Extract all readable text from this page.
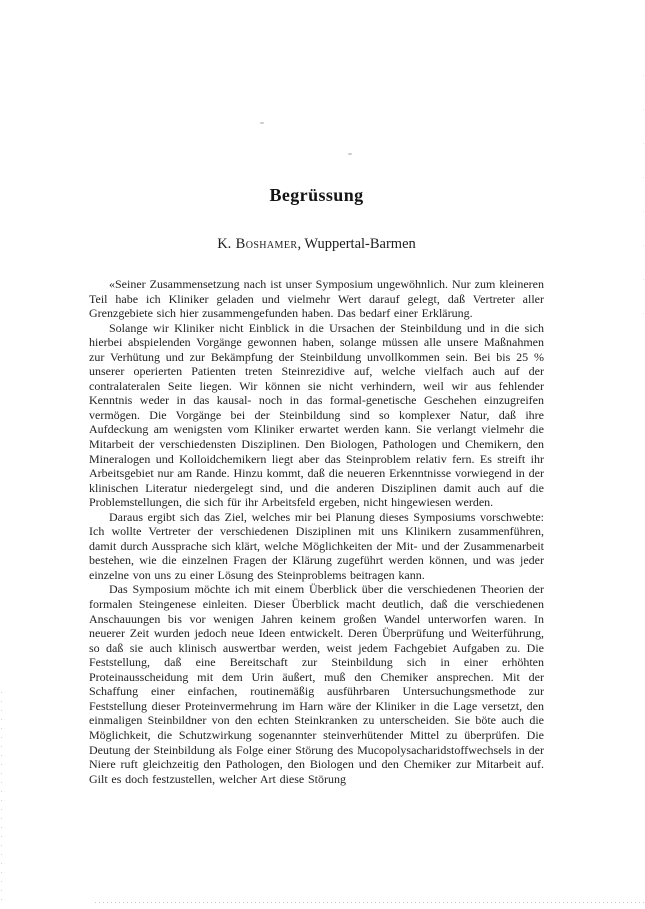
Begrüssung
K. Boshamer, Wuppertal-Barmen

«Seiner Zusammensetzung nach ist unser Symposium ungewöhnlich. Nur zum kleineren Teil habe ich Kliniker geladen und vielmehr Wert darauf gelegt, daß Vertreter aller Grenzgebiete sich hier zusammengefunden haben. Das bedarf einer Erklärung.

Solange wir Kliniker nicht Einblick in die Ursachen der Steinbildung und in die sich hierbei abspielenden Vorgänge gewonnen haben, solange müssen alle unsere Maßnahmen zur Verhütung und zur Bekämpfung der Steinbildung unvollkommen sein. Bei bis 25 % unserer operierten Patienten treten Steinrezidive auf, welche vielfach auch auf der contralateralen Seite liegen. Wir können sie nicht verhindern, weil wir aus fehlender Kenntnis weder in das kausal- noch in das formal-genetische Geschehen einzugreifen vermögen. Die Vorgänge bei der Steinbildung sind so komplexer Natur, daß ihre Aufdeckung am wenigsten vom Kliniker erwartet werden kann. Sie verlangt vielmehr die Mitarbeit der verschiedensten Disziplinen. Den Biologen, Pathologen und Chemikern, den Mineralogen und Kolloidchemikern liegt aber das Steinproblem relativ fern. Es streift ihr Arbeitsgebiet nur am Rande. Hinzu kommt, daß die neueren Erkenntnisse vorwiegend in der klinischen Literatur niedergelegt sind, und die anderen Disziplinen damit auch auf die Problemstellungen, die sich für ihr Arbeitsfeld ergeben, nicht hingewiesen werden.

Daraus ergibt sich das Ziel, welches mir bei Planung dieses Symposiums vorschwebte: Ich wollte Vertreter der verschiedenen Disziplinen mit uns Klinikern zusammenführen, damit durch Aussprache sich klärt, welche Möglichkeiten der Mit- und der Zusammenarbeit bestehen, wie die einzelnen Fragen der Klärung zugeführt werden können, und was jeder einzelne von uns zu einer Lösung des Steinproblems beitragen kann.

Das Symposium möchte ich mit einem Überblick über die verschiedenen Theorien der formalen Steingenese einleiten. Dieser Überblick macht deutlich, daß die verschiedenen Anschauungen bis vor wenigen Jahren keinem großen Wandel unterworfen waren. In neuerer Zeit wurden jedoch neue Ideen entwickelt. Deren Überprüfung und Weiterführung, so daß sie auch klinisch auswertbar werden, weist jedem Fachgebiet Aufgaben zu. Die Feststellung, daß eine Bereitschaft zur Steinbildung sich in einer erhöhten Proteinausscheidung mit dem Urin äußert, muß den Chemiker ansprechen. Mit der Schaffung einer einfachen, routinemäßig ausführbaren Untersuchungsmethode zur Feststellung dieser Proteinvermehrung im Harn wäre der Kliniker in die Lage versetzt, den einmaligen Steinbildner von den echten Steinkranken zu unterscheiden. Sie böte auch die Möglichkeit, die Schutzwirkung sogenannter steinverhütender Mittel zu überprüfen. Die Deutung der Steinbildung als Folge einer Störung des Mucopolysacharidstoffwechsels in der Niere ruft gleichzeitig den Pathologen, den Biologen und den Chemiker zur Mitarbeit auf. Gilt es doch festzustellen, welcher Art diese Störung
